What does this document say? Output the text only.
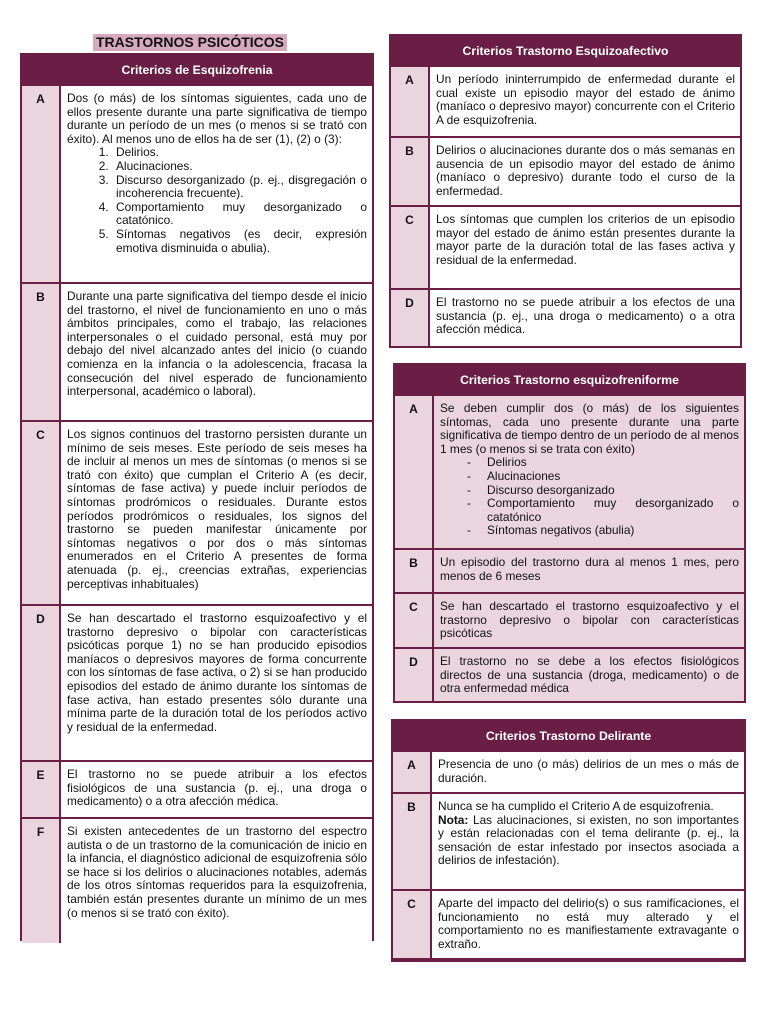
TRASTORNOS PSICÓTICOS
Criterios de Esquizofrenia
A	Dos (o más) de los síntomas siguientes, cada uno de ellos presente durante una parte significativa de tiempo durante un período de un mes (o menos si se trató con éxito). Al menos uno de ellos ha de ser (1), (2) o (3):

1. Delirios.
2. Alucinaciones.
3. Discurso desorganizado (p. ej., disgregación o incoherencia frecuente).
4. Comportamiento muy desorganizado o catatónico.
5. Síntomas negativos (es decir, expresión emotiva disminuida o abulia).
B	Durante una parte significativa del tiempo desde el inicio del trastorno, el nivel de funcionamiento en uno o más ámbitos principales, como el trabajo, las relaciones interpersonales o el cuidado personal, está muy por debajo del nivel alcanzado antes del inicio (o cuando comienza en la infancia o la adolescencia, fracasa la consecución del nivel esperado de funcionamiento interpersonal, académico o laboral).
C	Los signos continuos del trastorno persisten durante un mínimo de seis meses. Este período de seis meses ha de incluir al menos un mes de síntomas (o menos si se trató con éxito) que cumplan el Criterio A (es decir, síntomas de fase activa) y puede incluir períodos de síntomas prodrómicos o residuales. Durante estos períodos prodrómicos o residuales, los signos del trastorno se pueden manifestar únicamente por síntomas negativos o por dos o más síntomas enumerados en el Criterio A presentes de forma atenuada (p. ej., creencias extrañas, experiencias perceptivas inhabituales)
D	Se han descartado el trastorno esquizoafectivo y el trastorno depresivo o bipolar con características psicóticas porque 1) no se han producido episodios maníacos o depresivos mayores de forma concurrente con los síntomas de fase activa, o 2) si se han producido episodios del estado de ánimo durante los síntomas de fase activa, han estado presentes sólo durante una mínima parte de la duración total de los períodos activo y residual de la enfermedad.
E	El trastorno no se puede atribuir a los efectos fisiológicos de una sustancia (p. ej., una droga o medicamento) o a otra afección médica.
F	Si existen antecedentes de un trastorno del espectro autista o de un trastorno de la comunicación de inicio en la infancia, el diagnóstico adicional de esquizofrenia sólo se hace si los delirios o alucinaciones notables, además de los otros síntomas requeridos para la esquizofrenia, también están presentes durante un mínimo de un mes (o menos si se trató con éxito).
Criterios Trastorno Esquizoafectivo
A	Un período ininterrumpido de enfermedad durante el cual existe un episodio mayor del estado de ánimo (maníaco o depresivo mayor) concurrente con el Criterio A de esquizofrenia.
B	Delirios o alucinaciones durante dos o más semanas en ausencia de un episodio mayor del estado de ánimo (maníaco o depresivo) durante todo el curso de la enfermedad.
C	Los síntomas que cumplen los criterios de un episodio mayor del estado de ánimo están presentes durante la mayor parte de la duración total de las fases activa y residual de la enfermedad.
D	El trastorno no se puede atribuir a los efectos de una sustancia (p. ej., una droga o medicamento) o a otra afección médica.
Criterios Trastorno esquizofreniforme
A	Se deben cumplir dos (o más) de los siguientes síntomas, cada uno presente durante una parte significativa de tiempo dentro de un período de al menos 1 mes (o menos si se trata con éxito)

- Delirios
- Alucinaciones
- Discurso desorganizado
- Comportamiento muy desorganizado o catatónico
- Síntomas negativos (abulia)
B	Un episodio del trastorno dura al menos 1 mes, pero menos de 6 meses
C	Se han descartado el trastorno esquizoafectivo y el trastorno depresivo o bipolar con características psicóticas
D	El trastorno no se debe a los efectos fisiológicos directos de una sustancia (droga, medicamento) o de otra enfermedad médica
Criterios Trastorno Delirante
A	Presencia de uno (o más) delirios de un mes o más de duración.
B	Nunca se ha cumplido el Criterio A de esquizofrenia.

Nota: Las alucinaciones, si existen, no son importantes y están relacionadas con el tema delirante (p. ej., la sensación de estar infestado por insectos asociada a delirios de infestación).

C	Aparte del impacto del delirio(s) o sus ramificaciones, el funcionamiento no está muy alterado y el comportamiento no es manifiestamente extravagante o extraño.
